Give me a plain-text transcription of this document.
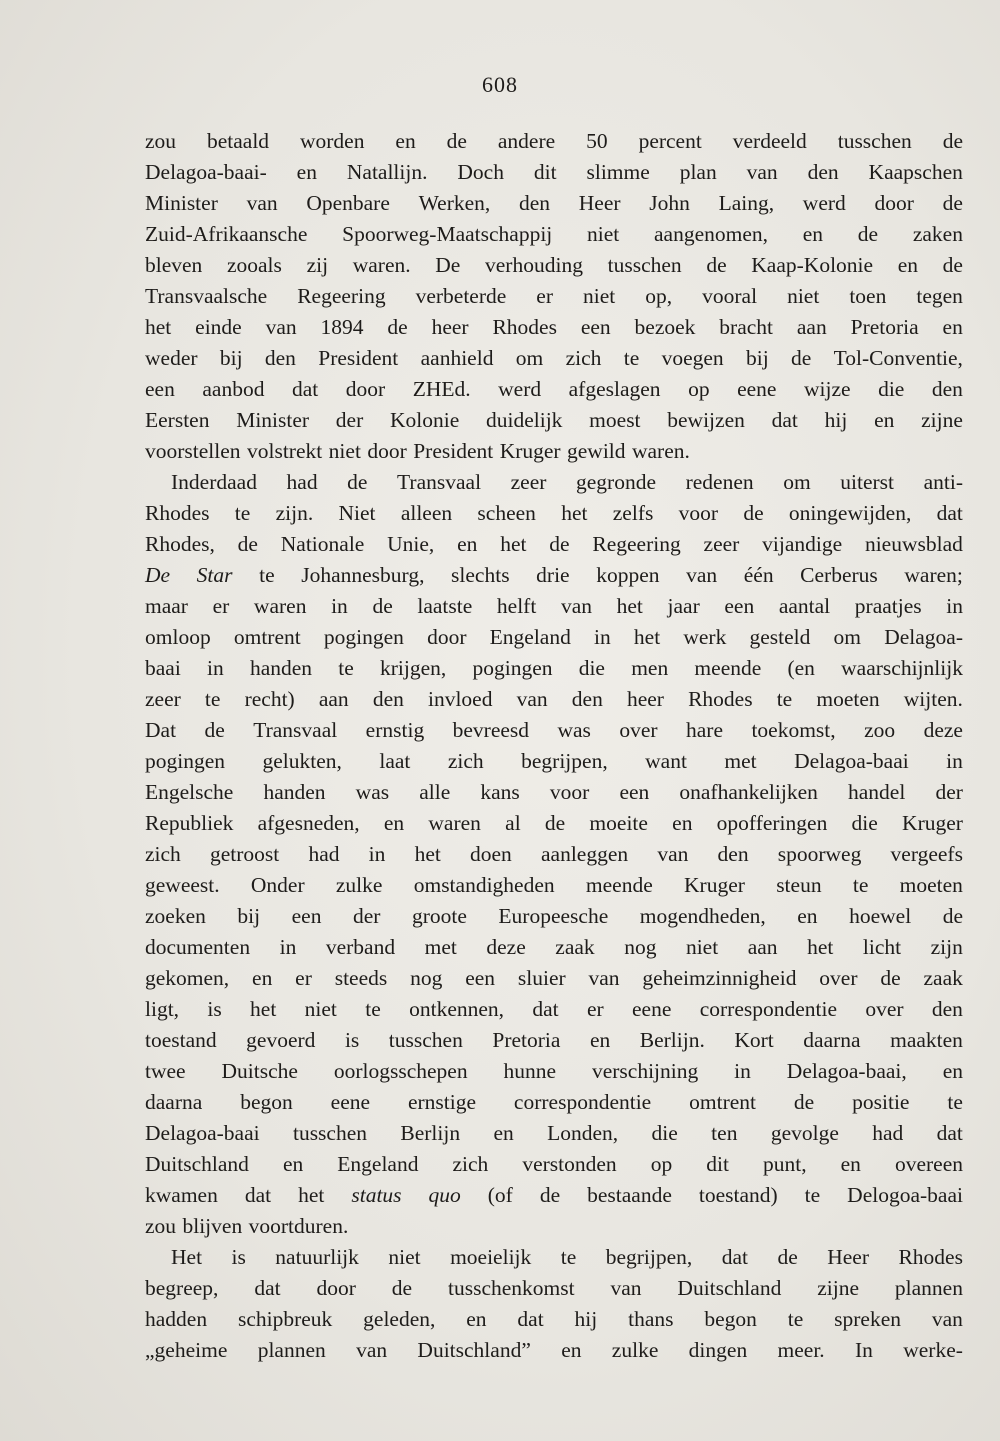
608
zou betaald worden en de andere 50 percent verdeeld tusschen de
Delagoa-baai- en Natallijn. Doch dit slimme plan van den Kaapschen
Minister van Openbare Werken, den Heer John Laing, werd door de
Zuid-Afrikaansche Spoorweg-Maatschappij niet aangenomen, en de zaken
bleven zooals zij waren. De verhouding tusschen de Kaap-Kolonie en de
Transvaalsche Regeering verbeterde er niet op, vooral niet toen tegen
het einde van 1894 de heer Rhodes een bezoek bracht aan Pretoria en
weder bij den President aanhield om zich te voegen bij de Tol-Conventie,
een aanbod dat door ZHEd. werd afgeslagen op eene wijze die den
Eersten Minister der Kolonie duidelijk moest bewijzen dat hij en zijne
voorstellen volstrekt niet door President Kruger gewild waren.
Inderdaad had de Transvaal zeer gegronde redenen om uiterst anti-
Rhodes te zijn. Niet alleen scheen het zelfs voor de oningewijden, dat
Rhodes, de Nationale Unie, en het de Regeering zeer vijandige nieuwsblad
De Star te Johannesburg, slechts drie koppen van één Cerberus waren;
maar er waren in de laatste helft van het jaar een aantal praatjes in
omloop omtrent pogingen door Engeland in het werk gesteld om Delagoa-
baai in handen te krijgen, pogingen die men meende (en waarschijnlijk
zeer te recht) aan den invloed van den heer Rhodes te moeten wijten.
Dat de Transvaal ernstig bevreesd was over hare toekomst, zoo deze
pogingen gelukten, laat zich begrijpen, want met Delagoa-baai in
Engelsche handen was alle kans voor een onafhankelijken handel der
Republiek afgesneden, en waren al de moeite en opofferingen die Kruger
zich getroost had in het doen aanleggen van den spoorweg vergeefs
geweest. Onder zulke omstandigheden meende Kruger steun te moeten
zoeken bij een der groote Europeesche mogendheden, en hoewel de
documenten in verband met deze zaak nog niet aan het licht zijn
gekomen, en er steeds nog een sluier van geheimzinnigheid over de zaak
ligt, is het niet te ontkennen, dat er eene correspondentie over den
toestand gevoerd is tusschen Pretoria en Berlijn. Kort daarna maakten
twee Duitsche oorlogsschepen hunne verschijning in Delagoa-baai, en
daarna begon eene ernstige correspondentie omtrent de positie te
Delagoa-baai tusschen Berlijn en Londen, die ten gevolge had dat
Duitschland en Engeland zich verstonden op dit punt, en overeen
kwamen dat het status quo (of de bestaande toestand) te Delogoa-baai
zou blijven voortduren.
Het is natuurlijk niet moeielijk te begrijpen, dat de Heer Rhodes
begreep, dat door de tusschenkomst van Duitschland zijne plannen
hadden schipbreuk geleden, en dat hij thans begon te spreken van
„geheime plannen van Duitschland” en zulke dingen meer. In werke-
